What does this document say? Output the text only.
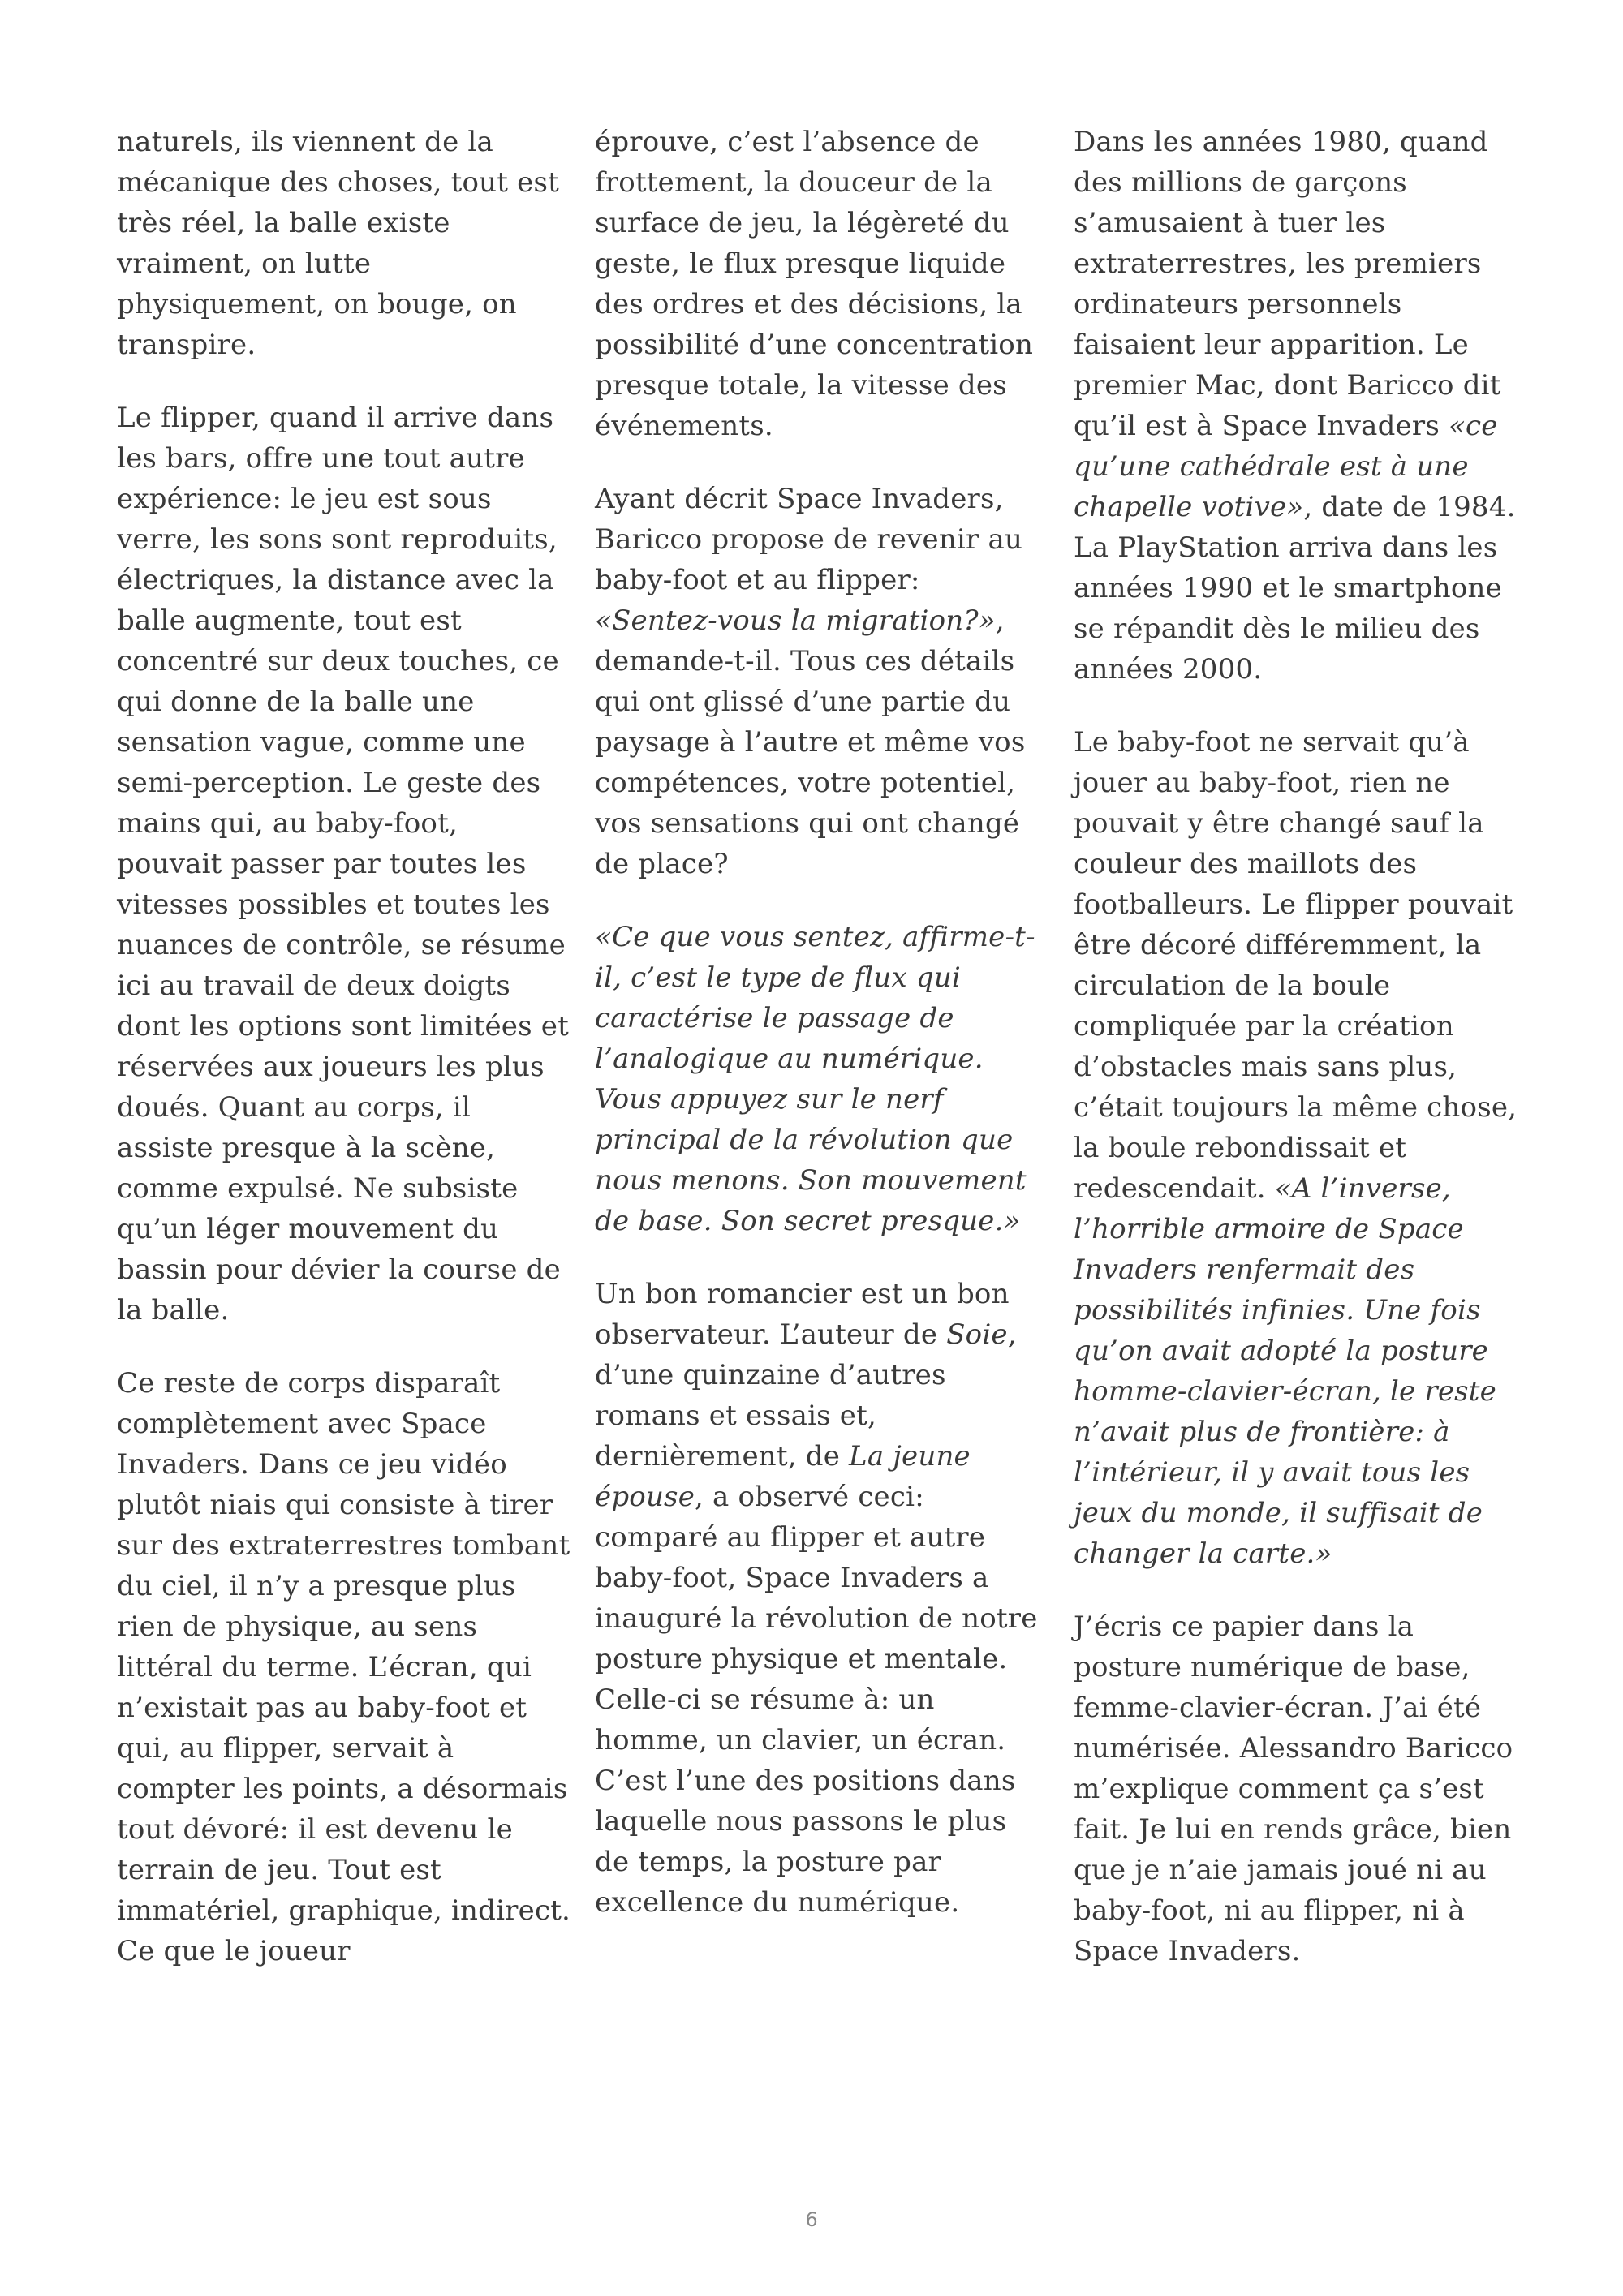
naturels, ils viennent de la mécanique des choses, tout est très réel, la balle existe vraiment, on lutte physiquement, on bouge, on transpire.

Le flipper, quand il arrive dans les bars, offre une tout autre expérience: le jeu est sous verre, les sons sont reproduits, électriques, la distance avec la balle augmente, tout est concentré sur deux touches, ce qui donne de la balle une sensation vague, comme une semi-perception. Le geste des mains qui, au baby-foot, pouvait passer par toutes les vitesses possibles et toutes les nuances de contrôle, se résume ici au travail de deux doigts dont les options sont limitées et réservées aux joueurs les plus doués. Quant au corps, il assiste presque à la scène, comme expulsé. Ne subsiste qu’un léger mouvement du bassin pour dévier la course de la balle.

Ce reste de corps disparaît complètement avec Space Invaders. Dans ce jeu vidéo plutôt niais qui consiste à tirer sur des extraterrestres tombant du ciel, il n’y a presque plus rien de physique, au sens littéral du terme. L’écran, qui n’existait pas au baby-foot et qui, au flipper, servait à compter les points, a désormais tout dévoré: il est devenu le terrain de jeu. Tout est immatériel, graphique, indirect. Ce que le joueur

éprouve, c’est l’absence de frottement, la douceur de la surface de jeu, la légèreté du geste, le flux presque liquide des ordres et des décisions, la possibilité d’une concentration presque totale, la vitesse des événements.

Ayant décrit Space Invaders, Baricco propose de revenir au baby-foot et au flipper: «Sentez-vous la migration?», demande-t-il. Tous ces détails qui ont glissé d’une partie du paysage à l’autre et même vos compétences, votre potentiel, vos sensations qui ont changé de place?

«Ce que vous sentez, affirme-t-il, c’est le type de flux qui caractérise le passage de l’analogique au numérique. Vous appuyez sur le nerf principal de la révolution que nous menons. Son mouvement de base. Son secret presque.»

Un bon romancier est un bon observateur. L’auteur de Soie, d’une quinzaine d’autres romans et essais et, dernièrement, de La jeune épouse, a observé ceci: comparé au flipper et autre baby-foot, Space Invaders a inauguré la révolution de notre posture physique et mentale. Celle-ci se résume à: un homme, un clavier, un écran. C’est l’une des positions dans laquelle nous passons le plus de temps, la posture par excellence du numérique.

Dans les années 1980, quand des millions de garçons s’amusaient à tuer les extraterrestres, les premiers ordinateurs personnels faisaient leur apparition. Le premier Mac, dont Baricco dit qu’il est à Space Invaders «ce qu’une cathédrale est à une chapelle votive», date de 1984. La PlayStation arriva dans les années 1990 et le smartphone se répandit dès le milieu des années 2000.

Le baby-foot ne servait qu’à jouer au baby-foot, rien ne pouvait y être changé sauf la couleur des maillots des footballeurs. Le flipper pouvait être décoré différemment, la circulation de la boule compliquée par la création d’obstacles mais sans plus, c’était toujours la même chose, la boule rebondissait et redescendait. «A l’inverse, l’horrible armoire de Space Invaders renfermait des possibilités infinies. Une fois qu’on avait adopté la posture homme-clavier-écran, le reste n’avait plus de frontière: à l’intérieur, il y avait tous les jeux du monde, il suffisait de changer la carte.»

J’écris ce papier dans la posture numérique de base, femme-clavier-écran. J’ai été numérisée. Alessandro Baricco m’explique comment ça s’est fait. Je lui en rends grâce, bien que je n’aie jamais joué ni au baby-foot, ni au flipper, ni à Space Invaders.

6
